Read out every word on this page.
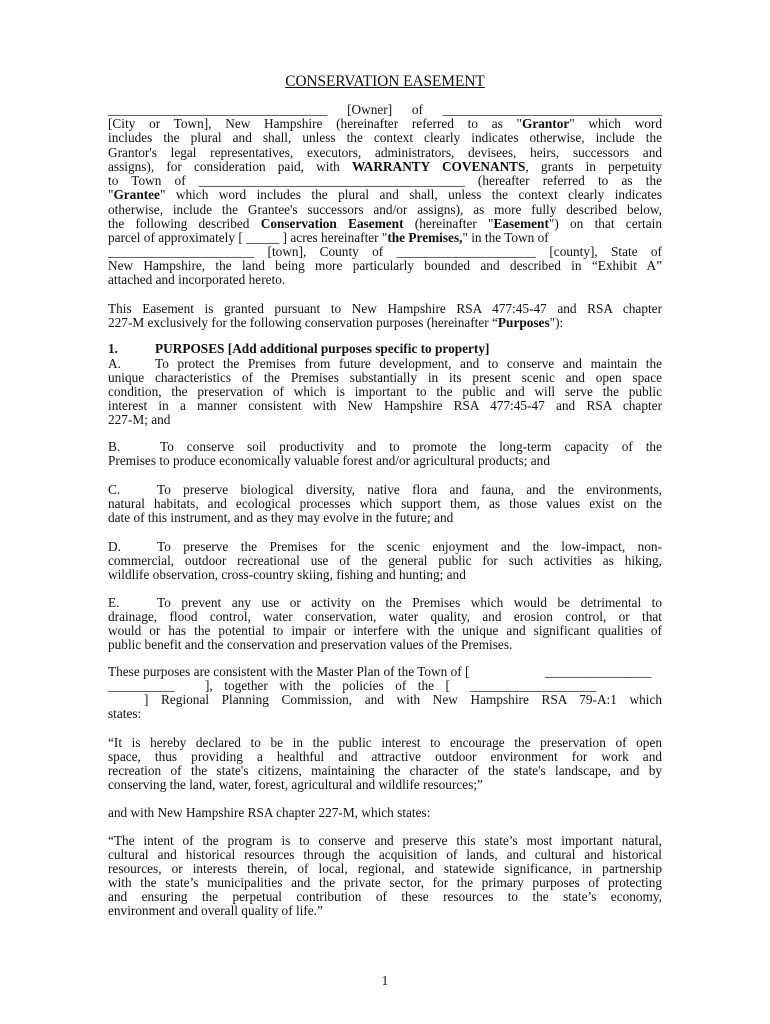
CONSERVATION EASEMENT
_________________________________ [Owner] of _________________________________
[City or Town], New Hampshire (hereinafter referred to as "Grantor" which word
includes the plural and shall, unless the context clearly indicates otherwise, include the
Grantor's legal representatives, executors, administrators, devisees, heirs, successors and
assigns), for consideration paid, with WARRANTY COVENANTS, grants in perpetuity
to Town of ________________________________________ (hereafter referred to as the
"Grantee" which word includes the plural and shall, unless the context clearly indicates
otherwise, include the Grantee's successors and/or assigns), as more fully described below,
the following described Conservation Easement (hereinafter "Easement") on that certain
parcel of approximately [ _____ ] acres hereinafter "the Premises," in the Town of
______________________ [town], County of _____________________ [county], State of
New Hampshire, the land being more particularly bounded and described in “Exhibit A”
attached and incorporated hereto.
This Easement is granted pursuant to New Hampshire RSA 477:45-47 and RSA chapter
227-M exclusively for the following conservation purposes (hereinafter “Purposes"):
1.	PURPOSES [Add additional purposes specific to property]
A.	To protect the Premises from future development, and to conserve and maintain the
unique characteristics of the Premises substantially in its present scenic and open space
condition, the preservation of which is important to the public and will serve the public
interest in a manner consistent with New Hampshire RSA 477:45-47 and RSA chapter
227-M; and
B.	To conserve soil productivity and to promote the long-term capacity of the
Premises to produce economically valuable forest and/or agricultural products; and
C.	To preserve biological diversity, native flora and fauna, and the environments,
natural habitats, and ecological processes which support them, as those values exist on the
date of this instrument, and as they may evolve in the future; and
D.	To preserve the Premises for the scenic enjoyment and the low-impact, non-
commercial, outdoor recreational use of the general public for such activities as hiking,
wildlife observation, cross-country skiing, fishing and hunting; and
E.	To prevent any use or activity on the Premises which would be detrimental to
drainage, flood control, water conservation, water quality, and erosion control, or that
would or has the potential to impair or interfere with the unique and significant qualities of
public benefit and the conservation and preservation values of the Premises.
These purposes are consistent with the Master Plan of the Town of [	________________
__________ ], together with the policies of the [ ___________________
] Regional Planning Commission, and with New Hampshire RSA 79-A:1 which
states:
“It is hereby declared to be in the public interest to encourage the preservation of open
space, thus providing a healthful and attractive outdoor environment for work and
recreation of the state's citizens, maintaining the character of the state's landscape, and by
conserving the land, water, forest, agricultural and wildlife resources;”
and with New Hampshire RSA chapter 227-M, which states:
“The intent of the program is to conserve and preserve this state’s most important natural,
cultural and historical resources through the acquisition of lands, and cultural and historical
resources, or interests therein, of local, regional, and statewide significance, in partnership
with the state’s municipalities and the private sector, for the primary purposes of protecting
and ensuring the perpetual contribution of these resources to the state’s economy,
environment and overall quality of life.”
1
